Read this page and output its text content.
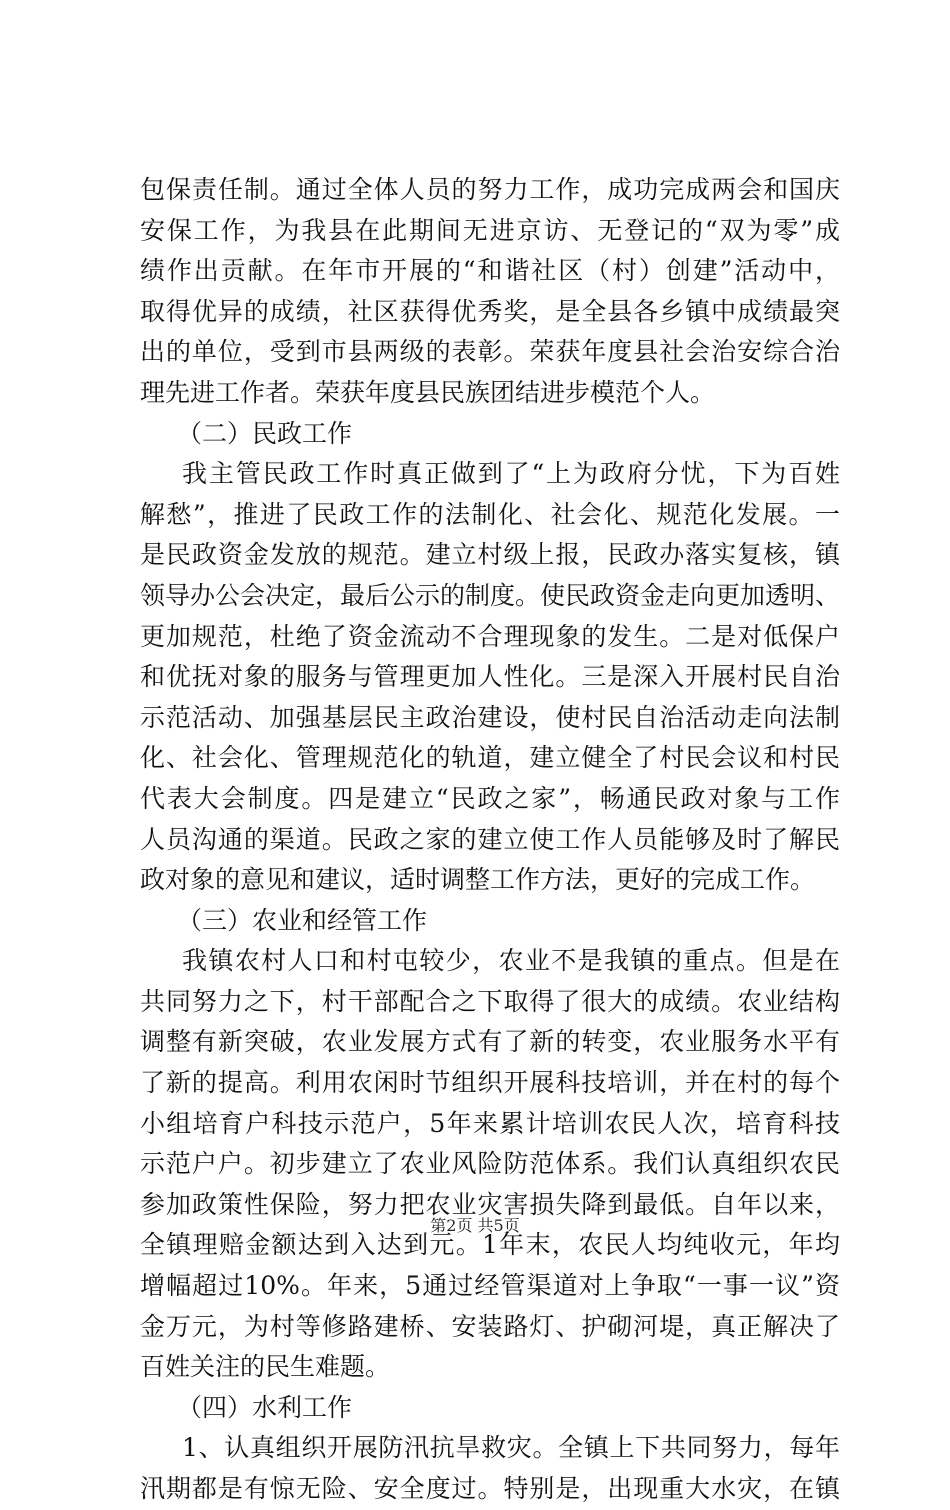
包保责任制。通过全体人员的努力工作，成功完成两会和国庆
安保工作，为我县在此期间无进京访、无登记的“双为零”成
绩作出贡献。在年市开展的“和谐社区（村）创建”活动中，
取得优异的成绩，社区获得优秀奖，是全县各乡镇中成绩最突
出的单位，受到市县两级的表彰。荣获年度县社会治安综合治
理先进工作者。荣获年度县民族团结进步模范个人。
（二）民政工作
我主管民政工作时真正做到了“上为政府分忧，下为百姓
解愁”，推进了民政工作的法制化、社会化、规范化发展。一
是民政资金发放的规范。建立村级上报，民政办落实复核，镇
领导办公会决定，最后公示的制度。使民政资金走向更加透明、
更加规范，杜绝了资金流动不合理现象的发生。二是对低保户
和优抚对象的服务与管理更加人性化。三是深入开展村民自治
示范活动、加强基层民主政治建设，使村民自治活动走向法制
化、社会化、管理规范化的轨道，建立健全了村民会议和村民
代表大会制度。四是建立“民政之家”，畅通民政对象与工作
人员沟通的渠道。民政之家的建立使工作人员能够及时了解民
政对象的意见和建议，适时调整工作方法，更好的完成工作。
（三）农业和经管工作
我镇农村人口和村屯较少，农业不是我镇的重点。但是在
共同努力之下，村干部配合之下取得了很大的成绩。农业结构
调整有新突破，农业发展方式有了新的转变，农业服务水平有
了新的提高。利用农闲时节组织开展科技培训，并在村的每个
小组培育户科技示范户，5年来累计培训农民人次，培育科技
示范户户。初步建立了农业风险防范体系。我们认真组织农民
参加政策性保险，努力把农业灾害损失降到最低。自年以来，
全镇理赔金额达到入达到元。1年末，农民人均纯收元，年均
增幅超过10%。年来，5通过经管渠道对上争取“一事一议”资
金万元，为村等修路建桥、安装路灯、护砌河堤，真正解决了
百姓关注的民生难题。
（四）水利工作
1、认真组织开展防汛抗旱救灾。全镇上下共同努力，每年
汛期都是有惊无险、安全度过。特别是，出现重大水灾，在镇
第2页 共5页
